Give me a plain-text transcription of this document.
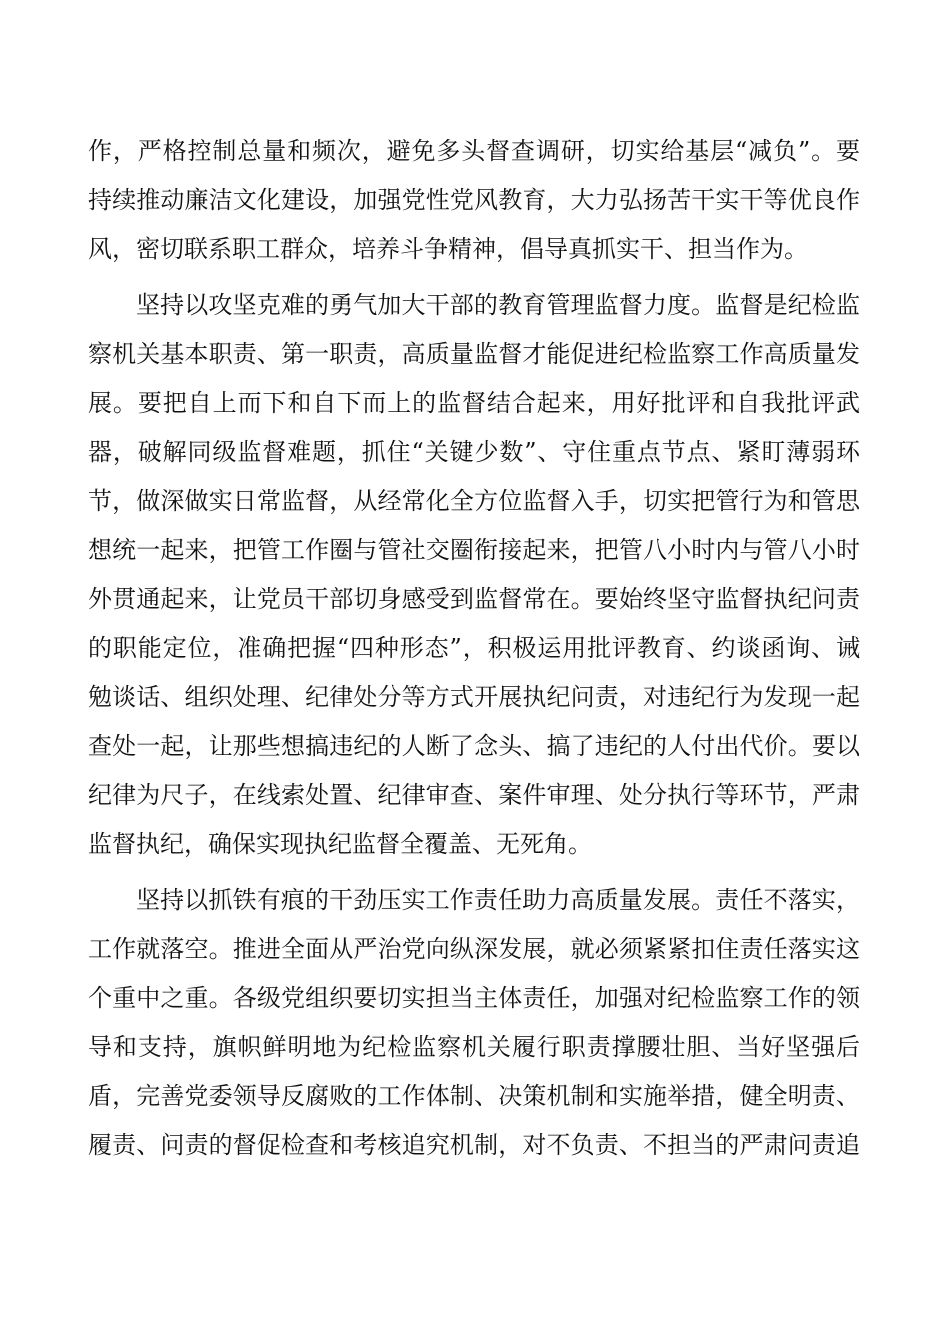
作，严格控制总量和频次，避免多头督查调研，切实给基层“减负”。要
持续推动廉洁文化建设，加强党性党风教育，大力弘扬苦干实干等优良作
风，密切联系职工群众，培养斗争精神，倡导真抓实干、担当作为。
坚持以攻坚克难的勇气加大干部的教育管理监督力度。监督是纪检监
察机关基本职责、第一职责，高质量监督才能促进纪检监察工作高质量发
展。要把自上而下和自下而上的监督结合起来，用好批评和自我批评武
器，破解同级监督难题，抓住“关键少数”、守住重点节点、紧盯薄弱环
节，做深做实日常监督，从经常化全方位监督入手，切实把管行为和管思
想统一起来，把管工作圈与管社交圈衔接起来，把管八小时内与管八小时
外贯通起来，让党员干部切身感受到监督常在。要始终坚守监督执纪问责
的职能定位，准确把握“四种形态”，积极运用批评教育、约谈函询、诫
勉谈话、组织处理、纪律处分等方式开展执纪问责，对违纪行为发现一起
查处一起，让那些想搞违纪的人断了念头、搞了违纪的人付出代价。要以
纪律为尺子，在线索处置、纪律审查、案件审理、处分执行等环节，严肃
监督执纪，确保实现执纪监督全覆盖、无死角。
坚持以抓铁有痕的干劲压实工作责任助力高质量发展。责任不落实，
工作就落空。推进全面从严治党向纵深发展，就必须紧紧扣住责任落实这
个重中之重。各级党组织要切实担当主体责任，加强对纪检监察工作的领
导和支持，旗帜鲜明地为纪检监察机关履行职责撑腰壮胆、当好坚强后
盾，完善党委领导反腐败的工作体制、决策机制和实施举措，健全明责、
履责、问责的督促检查和考核追究机制，对不负责、不担当的严肃问责追
